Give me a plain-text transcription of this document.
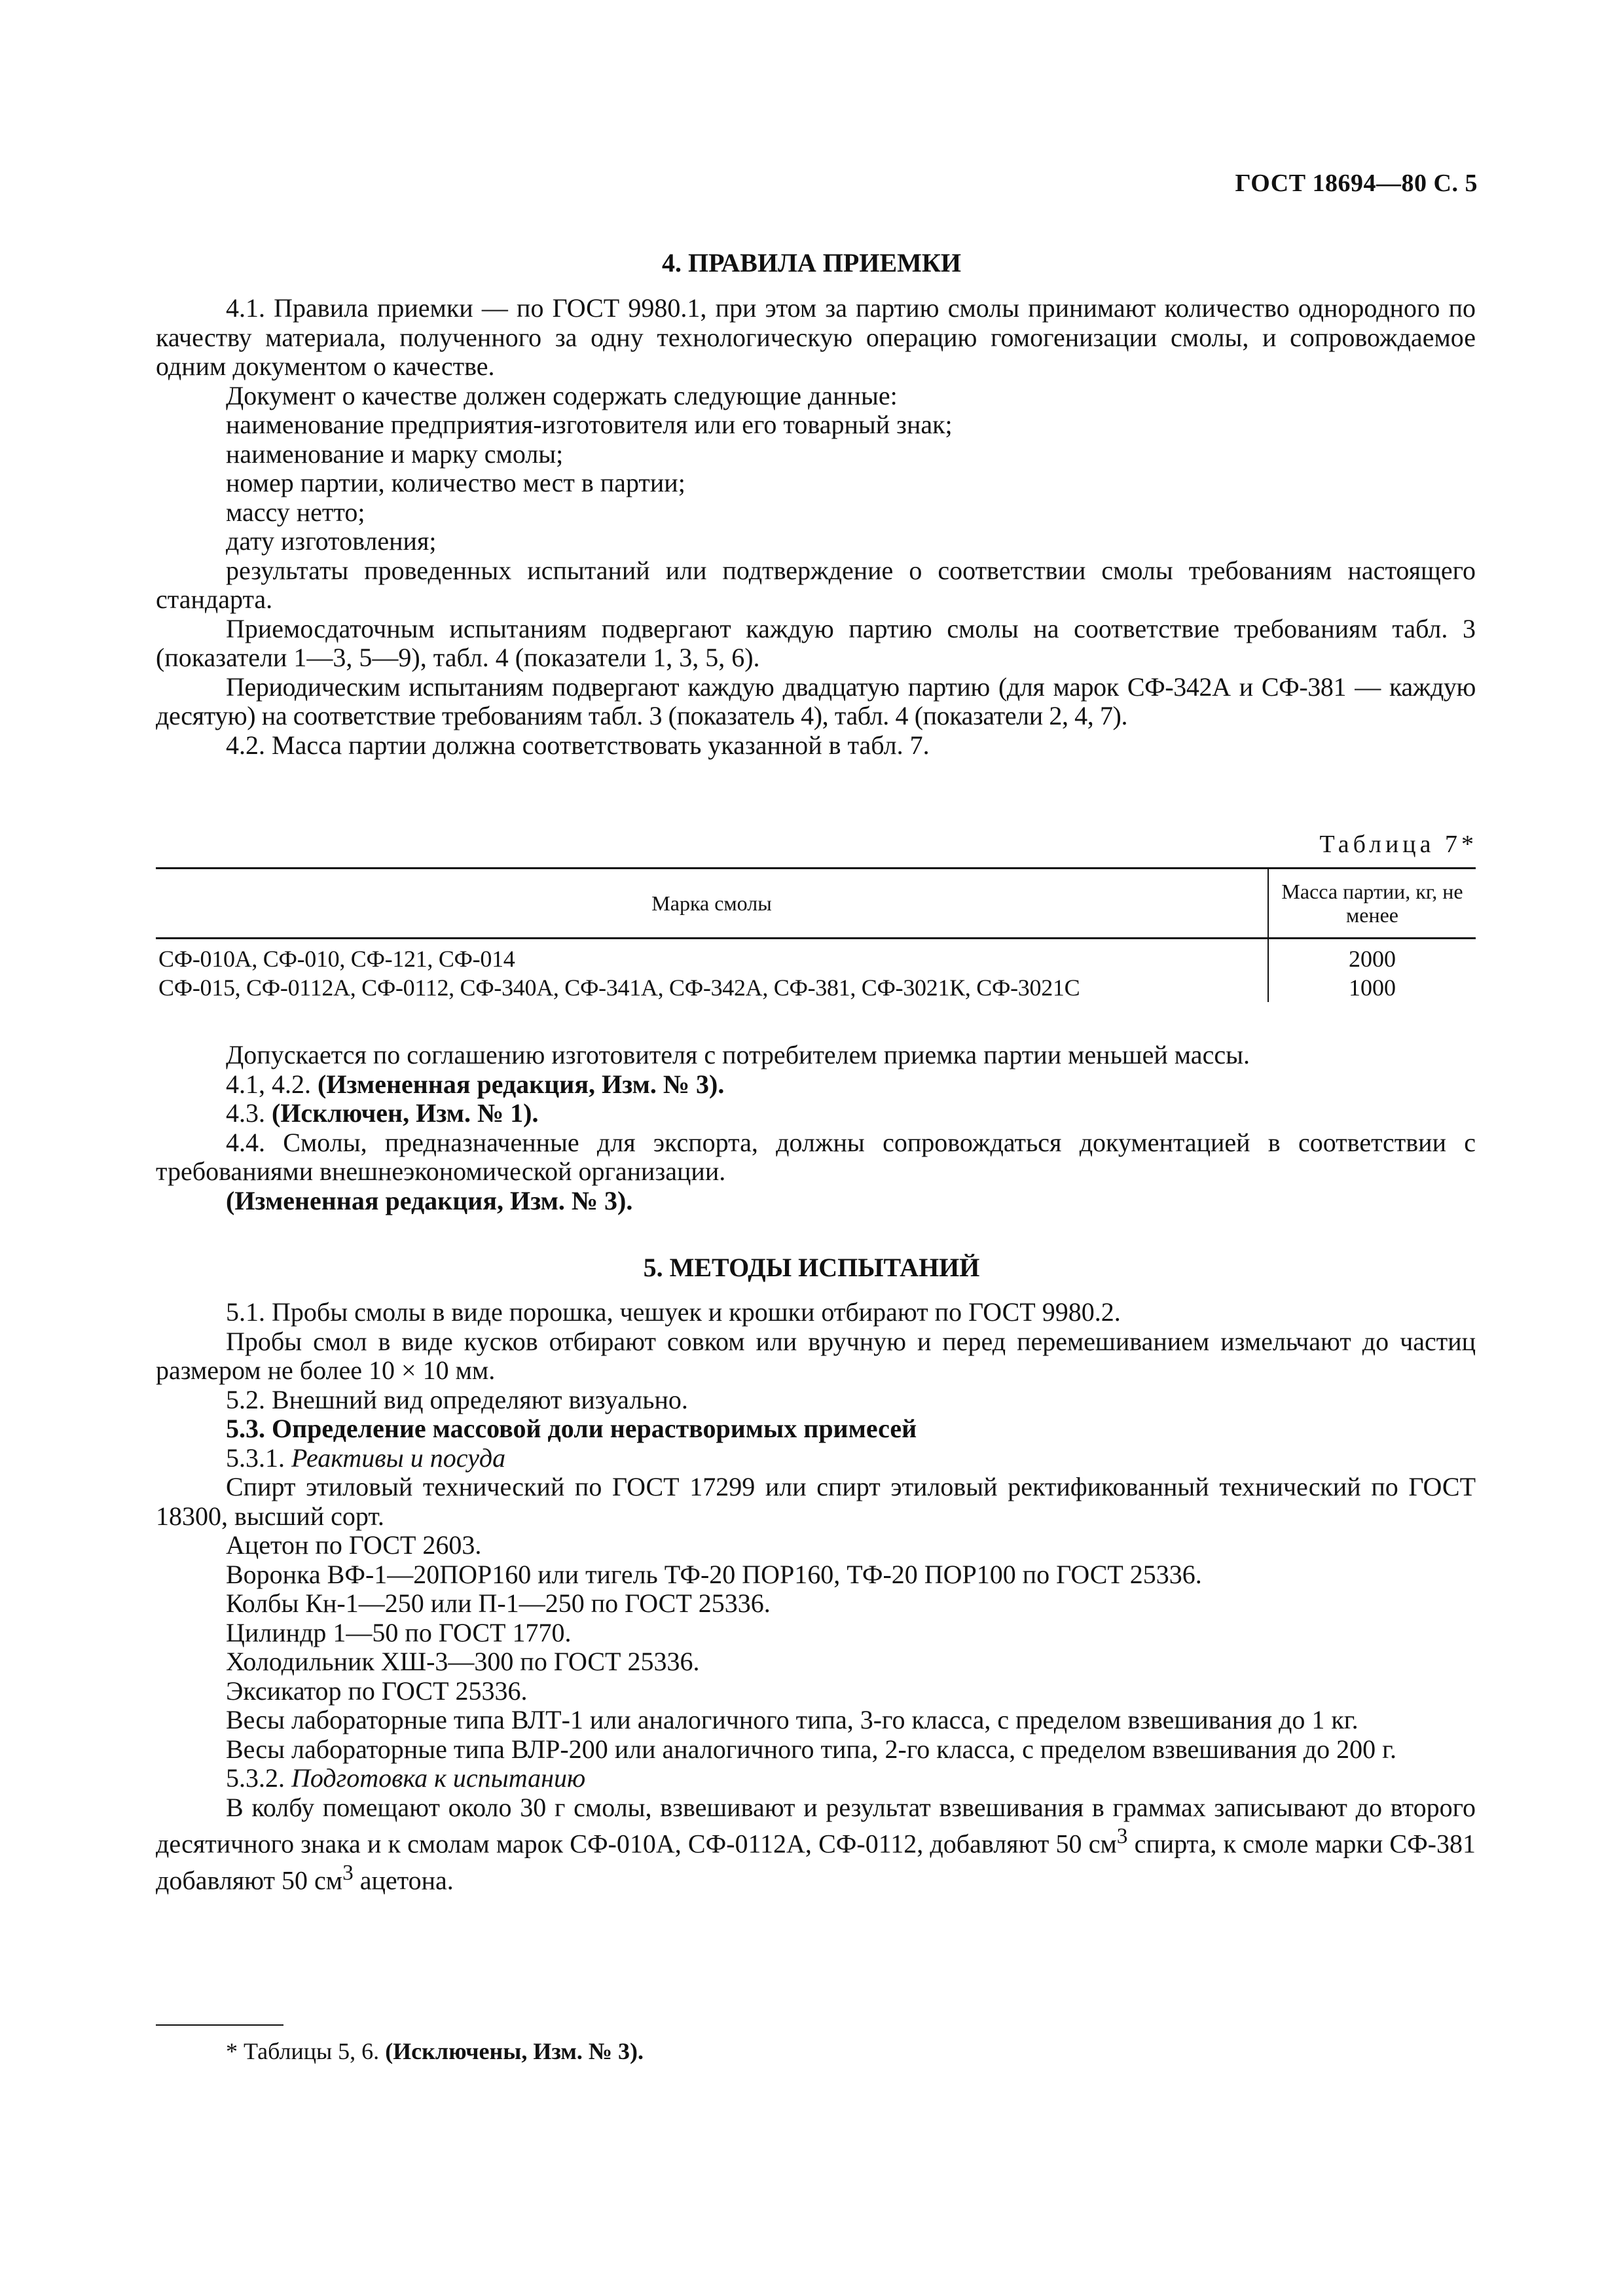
ГОСТ 18694—80 С. 5
4. ПРАВИЛА ПРИЕМКИ

4.1. Правила приемки — по ГОСТ 9980.1, при этом за партию смолы принимают количество однородного по качеству материала, полученного за одну технологическую операцию гомогенизации смолы, и сопровождаемое одним документом о качестве.

Документ о качестве должен содержать следующие данные:

наименование предприятия-изготовителя или его товарный знак;

наименование и марку смолы;

номер партии, количество мест в партии;

массу нетто;

дату изготовления;

результаты проведенных испытаний или подтверждение о соответствии смолы требованиям настоящего стандарта.

Приемосдаточным испытаниям подвергают каждую партию смолы на соответствие требованиям табл. 3 (показатели 1—3, 5—9), табл. 4 (показатели 1, 3, 5, 6).

Периодическим испытаниям подвергают каждую двадцатую партию (для марок СФ-342А и СФ-381 — каждую десятую) на соответствие требованиям табл. 3 (показатель 4), табл. 4 (показатели 2, 4, 7).

4.2. Масса партии должна соответствовать указанной в табл. 7.

Таблица 7*
Марка смолы	Масса партии, кг, не менее
СФ-010А, СФ-010, СФ-121, СФ-014	2000
СФ-015, СФ-0112А, СФ-0112, СФ-340А, СФ-341А, СФ-342А, СФ-381, СФ-3021К, СФ-3021С	1000

Допускается по соглашению изготовителя с потребителем приемка партии меньшей массы.

4.1, 4.2. (Измененная редакция, Изм. № 3).

4.3. (Исключен, Изм. № 1).

4.4. Смолы, предназначенные для экспорта, должны сопровождаться документацией в соответствии с требованиями внешнеэкономической организации.

(Измененная редакция, Изм. № 3).

5. МЕТОДЫ ИСПЫТАНИЙ

5.1. Пробы смолы в виде порошка, чешуек и крошки отбирают по ГОСТ 9980.2.

Пробы смол в виде кусков отбирают совком или вручную и перед перемешиванием измельчают до частиц размером не более 10 × 10 мм.

5.2. Внешний вид определяют визуально.

5.3. Определение массовой доли нерастворимых примесей

5.3.1. Реактивы и посуда

Спирт этиловый технический по ГОСТ 17299 или спирт этиловый ректификованный технический по ГОСТ 18300, высший сорт.

Ацетон по ГОСТ 2603.

Воронка ВФ-1—20ПОР160 или тигель ТФ-20 ПОР160, ТФ-20 ПОР100 по ГОСТ 25336.

Колбы Кн-1—250 или П-1—250 по ГОСТ 25336.

Цилиндр 1—50 по ГОСТ 1770.

Холодильник ХШ-3—300 по ГОСТ 25336.

Эксикатор по ГОСТ 25336.

Весы лабораторные типа ВЛТ-1 или аналогичного типа, 3-го класса, с пределом взвешивания до 1 кг.

Весы лабораторные типа ВЛР-200 или аналогичного типа, 2-го класса, с пределом взвешивания до 200 г.

5.3.2. Подготовка к испытанию

В колбу помещают около 30 г смолы, взвешивают и результат взвешивания в граммах записывают до второго десятичного знака и к смолам марок СФ-010А, СФ-0112А, СФ-0112, добавляют 50 $см^3$ спирта, к смоле марки СФ-381 добавляют 50 $см^3$ ацетона.

* Таблицы 5, 6. (Исключены, Изм. № 3).
